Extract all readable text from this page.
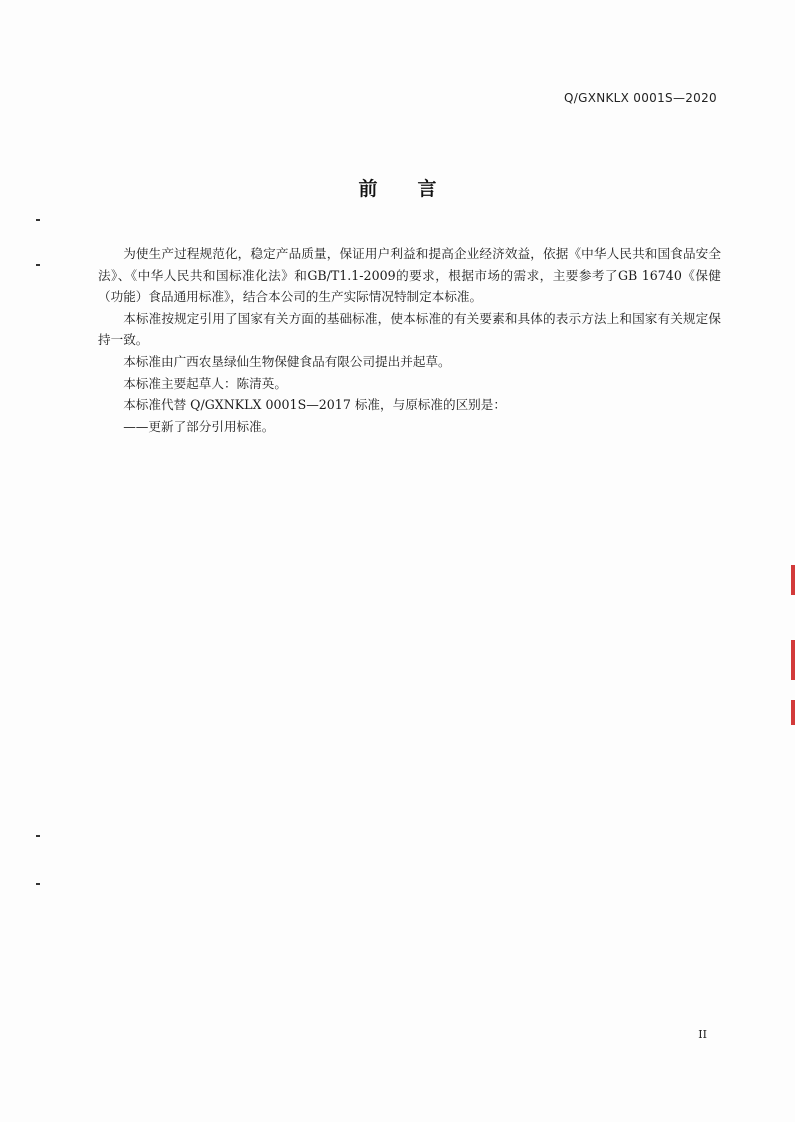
Q/GXNKLX 0001S—2020
前言

为使生产过程规范化，稳定产品质量，保证用户利益和提高企业经济效益，依据《中华人民共和国食品安全法》、《中华人民共和国标准化法》和GB/T1.1-2009的要求，根据市场的需求，主要参考了GB 16740《保健（功能）食品通用标准》，结合本公司的生产实际情况特制定本标准。

本标准按规定引用了国家有关方面的基础标准，使本标准的有关要素和具体的表示方法上和国家有关规定保持一致。

本标准由广西农垦绿仙生物保健食品有限公司提出并起草。

本标准主要起草人：陈清英。

本标准代替 Q/GXNKLX 0001S—2017 标准，与原标准的区别是：

——更新了部分引用标准。

II
